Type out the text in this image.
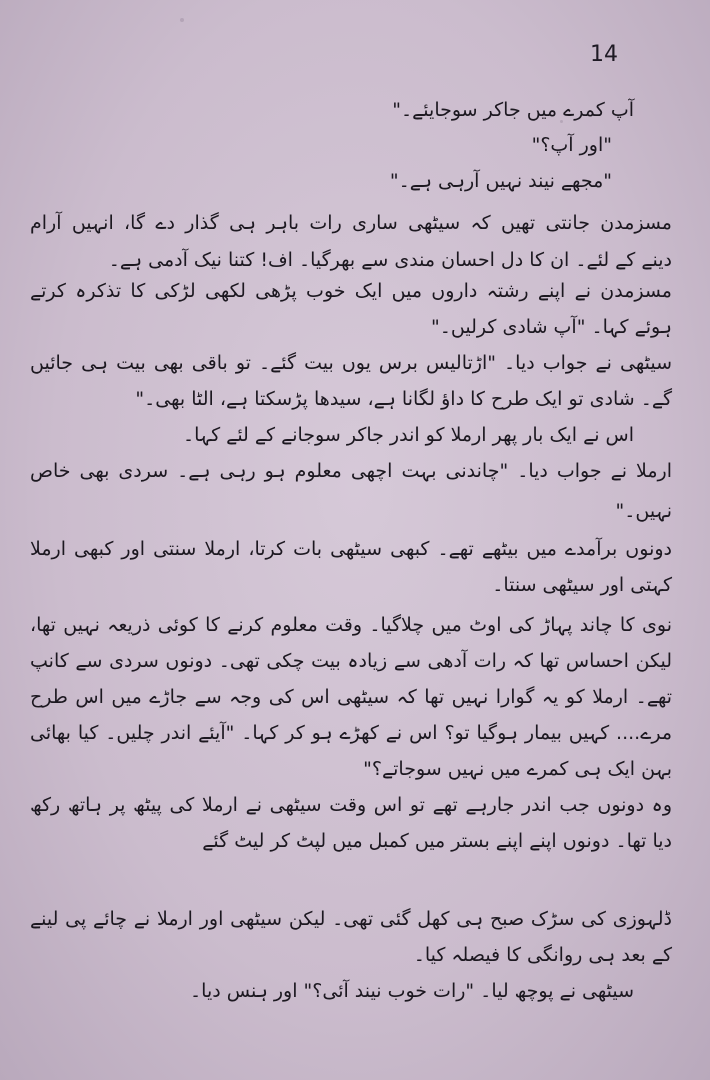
14
آپ کمرے میں جاکر سوجایئے۔"
"اور آپ؟"
"مجھے نیند نہیں آرہی ہے۔"
مسزمدن جانتی تھیں کہ سیٹھی ساری رات باہر ہی گذار دے گا، انہیں آرام
دینے کے لئے۔ ان کا دل احسان مندی سے بھرگیا۔ اف! کتنا نیک آدمی ہے۔
مسزمدن نے اپنے رشتہ داروں میں ایک خوب پڑھی لکھی لڑکی کا تذکرہ کرتے
ہوئے کہا۔ "آپ شادی کرلیں۔"
سیٹھی نے جواب دیا۔ "اڑتالیس برس یوں بیت گئے۔ تو باقی بھی بیت ہی جائیں
گے۔ شادی تو ایک طرح کا داؤ لگانا ہے، سیدھا پڑسکتا ہے، الٹا بھی۔"
اس نے ایک بار پھر ارملا کو اندر جاکر سوجانے کے لئے کہا۔
ارملا نے جواب دیا۔ "چاندنی بہت اچھی معلوم ہو رہی ہے۔ سردی بھی خاص
نہیں۔"
دونوں برآمدے میں بیٹھے تھے۔ کبھی سیٹھی بات کرتا، ارملا سنتی اور کبھی ارملا
کہتی اور سیٹھی سنتا۔
نوی کا چاند پہاڑ کی اوٹ میں چلاگیا۔ وقت معلوم کرنے کا کوئی ذریعہ نہیں تھا،
لیکن احساس تھا کہ رات آدھی سے زیادہ بیت چکی تھی۔ دونوں سردی سے کانپ
تھے۔ ارملا کو یہ گوارا نہیں تھا کہ سیٹھی اس کی وجہ سے جاڑے میں اس طرح
مرے.... کہیں بیمار ہوگیا تو؟ اس نے کھڑے ہو کر کہا۔ "آیئے اندر چلیں۔ کیا بھائی
بہن ایک ہی کمرے میں نہیں سوجاتے؟"
وہ دونوں جب اندر جارہے تھے تو اس وقت سیٹھی نے ارملا کی پیٹھ پر ہاتھ رکھ
دیا تھا۔ دونوں اپنے اپنے بستر میں کمبل میں لپٹ کر لیٹ گئے
ڈلہوزی کی سڑک صبح ہی کھل گئی تھی۔ لیکن سیٹھی اور ارملا نے چائے پی لینے
کے بعد ہی روانگی کا فیصلہ کیا۔
سیٹھی نے پوچھ لیا۔ "رات خوب نیند آئی؟" اور ہنس دیا۔
